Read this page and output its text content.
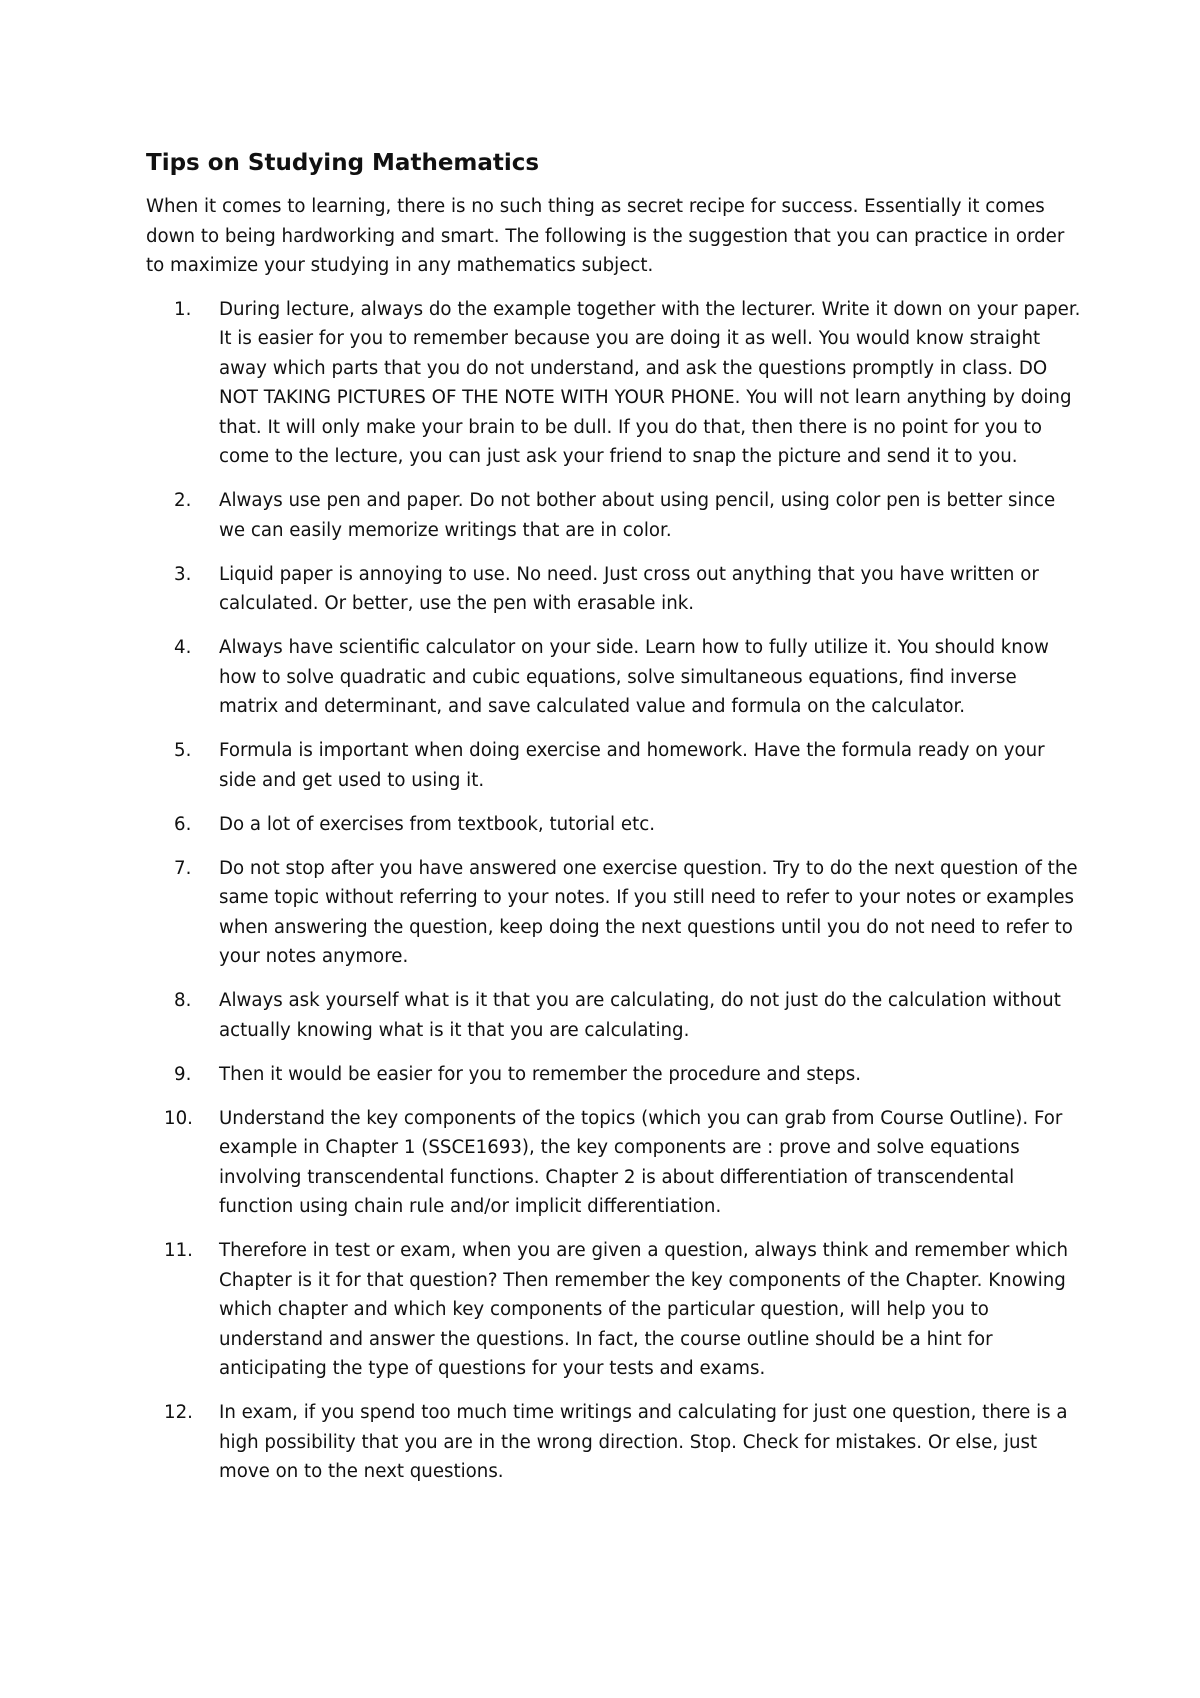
Tips on Studying Mathematics

When it comes to learning, there is no such thing as secret recipe for success. Essentially it comes down to being hardworking and smart. The following is the suggestion that you can practice in order to maximize your studying in any mathematics subject.

1.	During lecture, always do the example together with the lecturer. Write it down on your paper. It is easier for you to remember because you are doing it as well. You would know straight away which parts that you do not understand, and ask the questions promptly in class. DO NOT TAKING PICTURES OF THE NOTE WITH YOUR PHONE. You will not learn anything by doing that. It will only make your brain to be dull. If you do that, then there is no point for you to come to the lecture, you can just ask your friend to snap the picture and send it to you.
2.	Always use pen and paper. Do not bother about using pencil, using color pen is better since we can easily memorize writings that are in color.
3.	Liquid paper is annoying to use. No need. Just cross out anything that you have written or calculated. Or better, use the pen with erasable ink.
4.	Always have scientific calculator on your side. Learn how to fully utilize it. You should know how to solve quadratic and cubic equations, solve simultaneous equations, find inverse matrix and determinant, and save calculated value and formula on the calculator.
5.	Formula is important when doing exercise and homework. Have the formula ready on your side and get used to using it.
6.	Do a lot of exercises from textbook, tutorial etc.
7.	Do not stop after you have answered one exercise question. Try to do the next question of the same topic without referring to your notes. If you still need to refer to your notes or examples when answering the question, keep doing the next questions until you do not need to refer to your notes anymore.
8.	Always ask yourself what is it that you are calculating, do not just do the calculation without actually knowing what is it that you are calculating.
9.	Then it would be easier for you to remember the procedure and steps.
10.	Understand the key components of the topics (which you can grab from Course Outline). For example in Chapter 1 (SSCE1693), the key components are : prove and solve equations involving transcendental functions. Chapter 2 is about differentiation of transcendental function using chain rule and/or implicit differentiation.
11.	Therefore in test or exam, when you are given a question, always think and remember which Chapter is it for that question? Then remember the key components of the Chapter. Knowing which chapter and which key components of the particular question, will help you to understand and answer the questions. In fact, the course outline should be a hint for anticipating the type of questions for your tests and exams.
12.	In exam, if you spend too much time writings and calculating for just one question, there is a high possibility that you are in the wrong direction. Stop. Check for mistakes. Or else, just move on to the next questions.
